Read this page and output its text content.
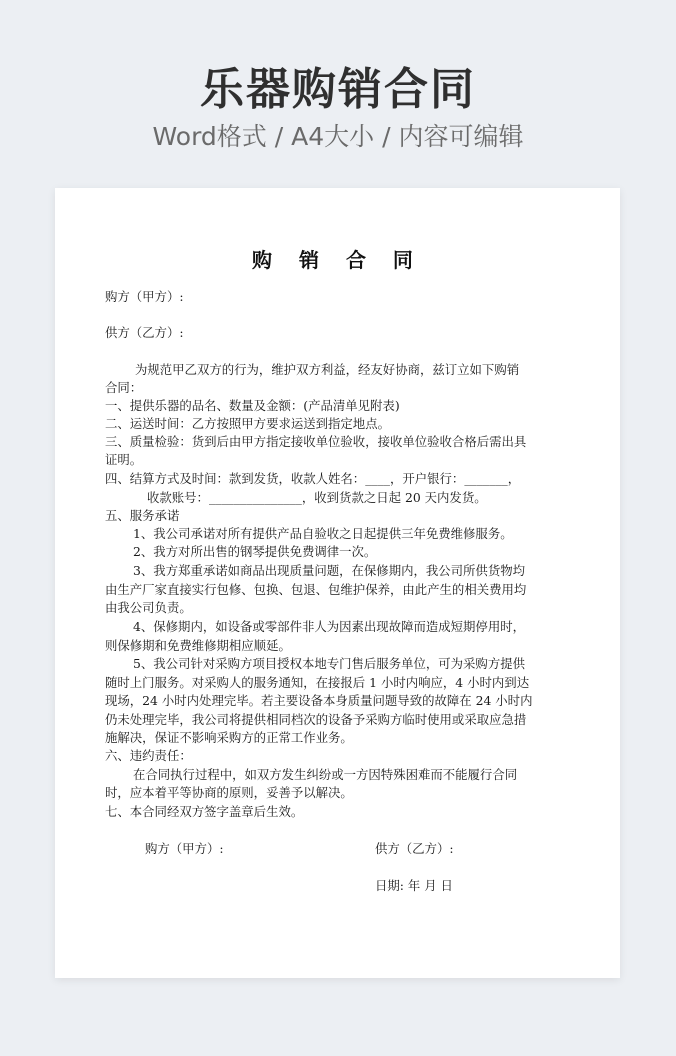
乐器购销合同
Word格式 / A4大小 / 内容可编辑
购 销 合 同
购方（甲方）:
供方（乙方）:
为规范甲乙双方的行为，维护双方利益，经友好协商，兹订立如下购销
合同：
一、提供乐器的品名、数量及金额：(产品清单见附表)
二、运送时间：乙方按照甲方要求运送到指定地点。
三、质量检验：货到后由甲方指定接收单位验收，接收单位验收合格后需出具
证明。
四、结算方式及时间：款到发货，收款人姓名：____，开户银行：_______，
收款账号：_______________，收到货款之日起 20 天内发货。
五、服务承诺
1、我公司承诺对所有提供产品自验收之日起提供三年免费维修服务。
2、我方对所出售的钢琴提供免费调律一次。
3、我方郑重承诺如商品出现质量问题，在保修期内，我公司所供货物均
由生产厂家直接实行包修、包换、包退、包维护保养，由此产生的相关费用均
由我公司负责。
4、保修期内，如设备或零部件非人为因素出现故障而造成短期停用时，
则保修期和免费维修期相应顺延。
5、我公司针对采购方项目授权本地专门售后服务单位，可为采购方提供
随时上门服务。对采购人的服务通知，在接报后 1 小时内响应，4 小时内到达
现场，24 小时内处理完毕。若主要设备本身质量问题导致的故障在 24 小时内
仍未处理完毕，我公司将提供相同档次的设备予采购方临时使用或采取应急措
施解决，保证不影响采购方的正常工作业务。
六、违约责任：
在合同执行过程中，如双方发生纠纷或一方因特殊困难而不能履行合同
时，应本着平等协商的原则，妥善予以解决。
七、本合同经双方签字盖章后生效。
购方（甲方）:	供方（乙方）:
日期: 年 月 日
